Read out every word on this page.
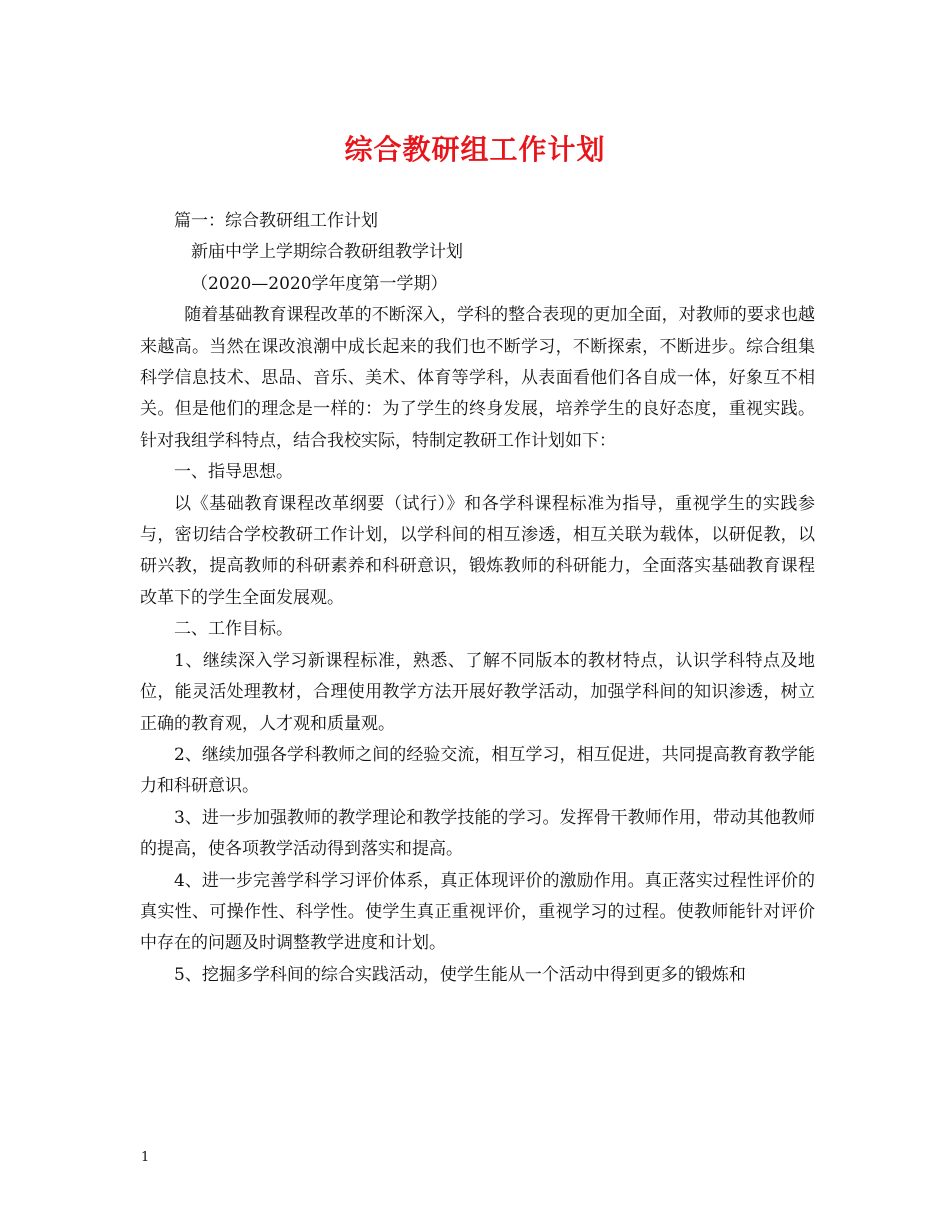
综合教研组工作计划

篇一：综合教研组工作计划

新庙中学上学期综合教研组教学计划

（2020—2020学年度第一学期）

随着基础教育课程改革的不断深入，学科的整合表现的更加全面，对教师的要求也越来越高。当然在课改浪潮中成长起来的我们也不断学习，不断探索，不断进步。综合组集科学信息技术、思品、音乐、美术、体育等学科，从表面看他们各自成一体，好象互不相关。但是他们的理念是一样的：为了学生的终身发展，培养学生的良好态度，重视实践。针对我组学科特点，结合我校实际，特制定教研工作计划如下：

一、指导思想。

以《基础教育课程改革纲要（试行）》和各学科课程标准为指导，重视学生的实践参与，密切结合学校教研工作计划，以学科间的相互渗透，相互关联为载体，以研促教，以研兴教，提高教师的科研素养和科研意识，锻炼教师的科研能力，全面落实基础教育课程改革下的学生全面发展观。

二、工作目标。

1、继续深入学习新课程标准，熟悉、了解不同版本的教材特点，认识学科特点及地位，能灵活处理教材，合理使用教学方法开展好教学活动，加强学科间的知识渗透，树立正确的教育观，人才观和质量观。

2、继续加强各学科教师之间的经验交流，相互学习，相互促进，共同提高教育教学能力和科研意识。

3、进一步加强教师的教学理论和教学技能的学习。发挥骨干教师作用，带动其他教师的提高，使各项教学活动得到落实和提高。

4、进一步完善学科学习评价体系，真正体现评价的激励作用。真正落实过程性评价的真实性、可操作性、科学性。使学生真正重视评价，重视学习的过程。使教师能针对评价中存在的问题及时调整教学进度和计划。

5、挖掘多学科间的综合实践活动，使学生能从一个活动中得到更多的锻炼和

1
